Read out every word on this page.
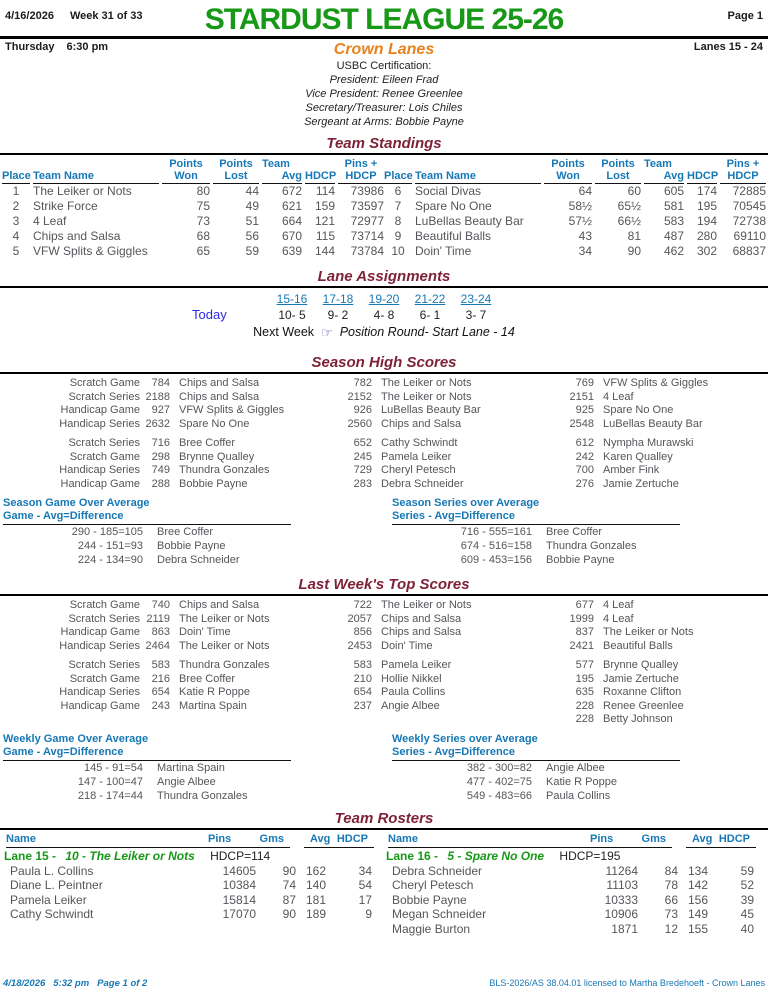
4/16/2026 Week 31 of 33	STARDUST LEAGUE 25-26	Page 1
Thursday 6:30 pm	Crown Lanes	Lanes 15 - 24
USBC Certification:
President: Eileen Frad
Vice President: Renee Greenlee
Secretary/Treasurer: Lois Chiles
Sergeant at Arms: Bobbie Payne
Team Standings
Place Team Name
Points
Won
Points
Lost
Team
Avg HDCP
Pins +
HDCP
1	The Leiker or Nots	80	44	672	114	73986
2	Strike Force	75	49	621	159	73597
3	4 Leaf	73	51	664	121	72977
4	Chips and Salsa	68	56	670	115	73714
5	VFW Splits & Giggles	65	59	639	144	73784
Place Team Name
Points
Won
Points
Lost
Team
Avg HDCP
Pins +
HDCP
6	Social Divas	64	60	605	174	72885
7	Spare No One	58½	65½	581	195	70545
8	LuBellas Beauty Bar	57½	66½	583	194	72738
9	Beautiful Balls	43	81	487	280	69110
10 Doin' Time	34	90	462	302	68837
Lane Assignments
15-16	17-18	19-20	21-22	23-24
Today	10- 5	9- 2	4- 8	6- 1	3- 7
Next Week ☞ Position Round- Start Lane - 14
Season High Scores
Scratch Game	784 Chips and Salsa	782 The Leiker or Nots	769 VFW Splits & Giggles
Scratch Series 2188 Chips and Salsa	2152 The Leiker or Nots	2151 4 Leaf
Handicap Game	927 VFW Splits & Giggles	926 LuBellas Beauty Bar	925 Spare No One
Handicap Series 2632 Spare No One	2560 Chips and Salsa	2548 LuBellas Beauty Bar
Scratch Series	716 Bree Coffer	652 Cathy Schwindt	612 Nympha Murawski
Scratch Game	298 Brynne Qualley	245 Pamela Leiker	242 Karen Qualley
Handicap Series	749 Thundra Gonzales	729 Cheryl Petesch	700 Amber Fink
Handicap Game	288 Bobbie Payne	283 Debra Schneider	276 Jamie Zertuche
Season Game Over Average
Game - Avg=Difference
290 - 185=105	Bree Coffer
244 - 151=93	Bobbie Payne
224 - 134=90	Debra Schneider
Season Series over Average
Series - Avg=Difference
716 - 555=161	Bree Coffer
674 - 516=158	Thundra Gonzales
609 - 453=156	Bobbie Payne
Last Week's Top Scores
Scratch Game	740 Chips and Salsa	722 The Leiker or Nots	677 4 Leaf
Scratch Series 2119 The Leiker or Nots	2057 Chips and Salsa	1999 4 Leaf
Handicap Game	863 Doin' Time	856 Chips and Salsa	837 The Leiker or Nots
Handicap Series 2464 The Leiker or Nots	2453 Doin' Time	2421 Beautiful Balls
Scratch Series	583 Thundra Gonzales	583 Pamela Leiker	577 Brynne Qualley
Scratch Game	216 Bree Coffer	210 Hollie Nikkel	195 Jamie Zertuche
Handicap Series	654 Katie R Poppe	654 Paula Collins	635 Roxanne Clifton
Handicap Game	243 Martina Spain	237 Angie Albee	228 Renee Greenlee
228 Betty Johnson
Weekly Game Over Average
Game - Avg=Difference
145 - 91=54	Martina Spain
147 - 100=47	Angie Albee
218 - 174=44	Thundra Gonzales
Weekly Series over Average
Series - Avg=Difference
382 - 300=82	Angie Albee
477 - 402=75	Katie R Poppe
549 - 483=66	Paula Collins
Team Rosters
Name	Pins	Gms Avg HDCP
Lane 15 - 10 - The Leiker or Nots HDCP=114
Paula L. Collins	14605	90 162	34
Diane L. Peintner	10384	74 140	54
Pamela Leiker	15814	87 181	17
Cathy Schwindt	17070	90 189	9
Name	Pins	Gms Avg HDCP
Lane 16 - 5 - Spare No One HDCP=195
Debra Schneider	11264	84 134	59
Cheryl Petesch	11103	78 142	52
Bobbie Payne	10333	66 156	39
Megan Schneider	10906	73 149	45
Maggie Burton	1871	12 155	40
4/18/2026 5:32 pm Page 1 of 2	BLS-2026/AS 38.04.01 licensed to Martha Bredehoeft - Crown Lanes
